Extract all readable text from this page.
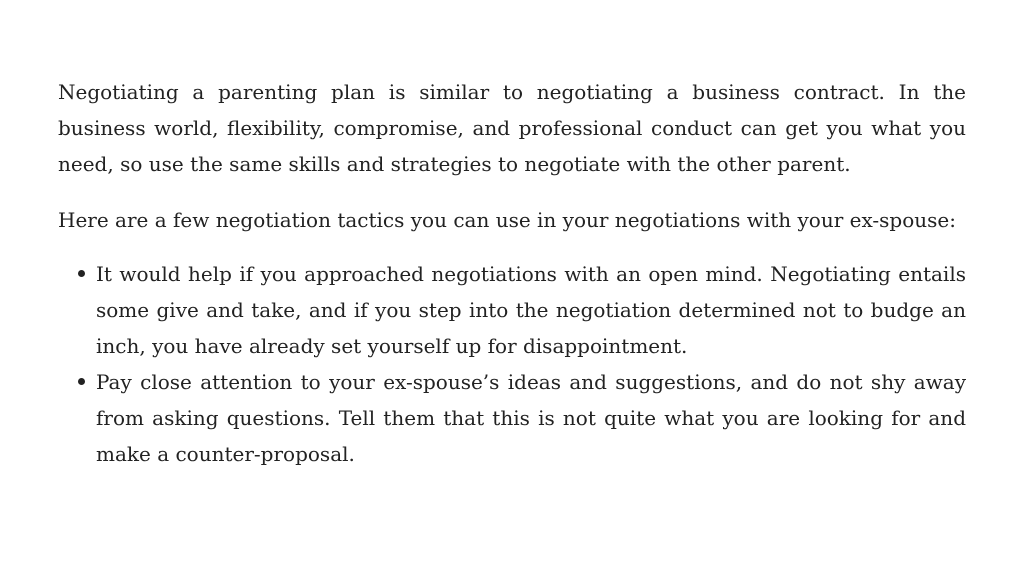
Negotiating a parenting plan is similar to negotiating a business contract. In the business world, flexibility, compromise, and professional conduct can get you what you need, so use the same skills and strategies to negotiate with the other parent.

Here are a few negotiation tactics you can use in your negotiations with your ex-spouse:

It would help if you approached negotiations with an open mind. Negotiating entails some give and take, and if you step into the negotiation determined not to budge an inch, you have already set yourself up for disappointment.
Pay close attention to your ex-spouse’s ideas and suggestions, and do not shy away from asking questions. Tell them that this is not quite what you are looking for and make a counter-proposal.
